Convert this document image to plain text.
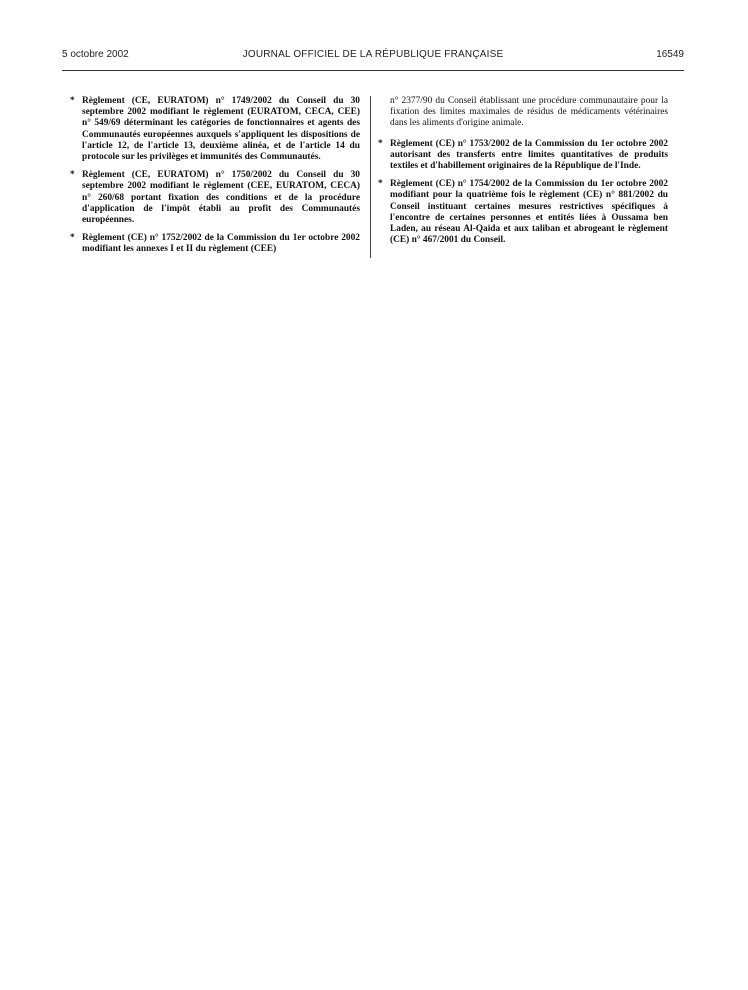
5 octobre 2002	JOURNAL OFFICIEL DE LA RÉPUBLIQUE FRANÇAISE	16549
* Règlement (CE, EURATOM) n° 1749/2002 du Conseil du 30 septembre 2002 modifiant le règlement (EURATOM, CECA, CEE) n° 549/69 déterminant les catégories de fonctionnaires et agents des Communautés européennes auxquels s'appliquent les dispositions de l'article 12, de l'article 13, deuxième alinéa, et de l'article 14 du protocole sur les privilèges et immunités des Communautés.
* Règlement (CE, EURATOM) n° 1750/2002 du Conseil du 30 septembre 2002 modifiant le règlement (CEE, EURATOM, CECA) n° 260/68 portant fixation des conditions et de la procédure d'application de l'impôt établi au profit des Communautés européennes.
* Règlement (CE) n° 1752/2002 de la Commission du 1er octobre 2002 modifiant les annexes I et II du règlement (CEE)
n° 2377/90 du Conseil établissant une procédure communautaire pour la fixation des limites maximales de résidus de médicaments vétérinaires dans les aliments d'origine animale.
* Règlement (CE) n° 1753/2002 de la Commission du 1er octobre 2002 autorisant des transferts entre limites quantitatives de produits textiles et d'habillement originaires de la République de l'Inde.
* Règlement (CE) n° 1754/2002 de la Commission du 1er octobre 2002 modifiant pour la quatrième fois le règlement (CE) n° 881/2002 du Conseil instituant certaines mesures restrictives spécifiques à l'encontre de certaines personnes et entités liées à Oussama ben Laden, au réseau Al-Qaida et aux taliban et abrogeant le règlement (CE) n° 467/2001 du Conseil.
